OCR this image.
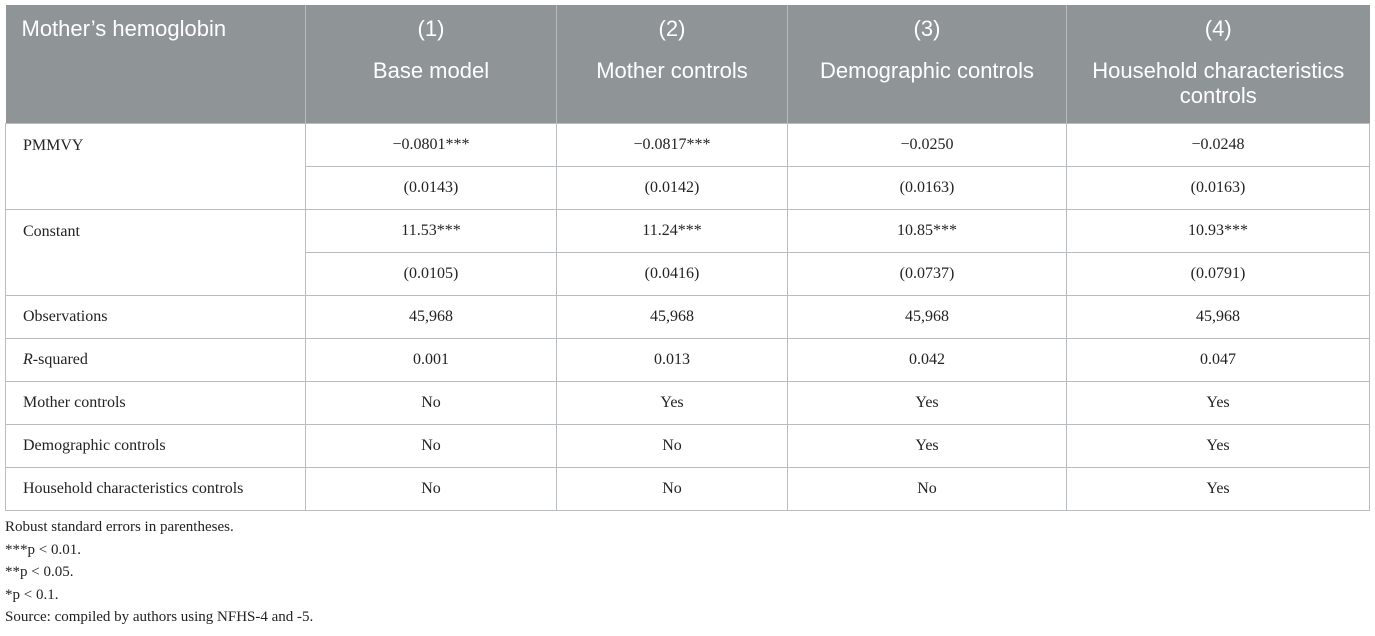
Mother’s hemoglobin	(1)	(2)	(3)	(4)
	Base model	Mother controls	Demographic controls	Household characteristics controls
PMMVY	−0.0801***	−0.0817***	−0.0250	−0.0248
	(0.0143)	(0.0142)	(0.0163)	(0.0163)
Constant	11.53***	11.24***	10.85***	10.93***
	(0.0105)	(0.0416)	(0.0737)	(0.0791)
Observations	45,968	45,968	45,968	45,968
R-squared	0.001	0.013	0.042	0.047
Mother controls	No	Yes	Yes	Yes
Demographic controls	No	No	Yes	Yes
Household characteristics controls	No	No	No	Yes
Robust standard errors in parentheses.
***p < 0.01.
**p < 0.05.
*p < 0.1.
Source: compiled by authors using NFHS-4 and -5.
